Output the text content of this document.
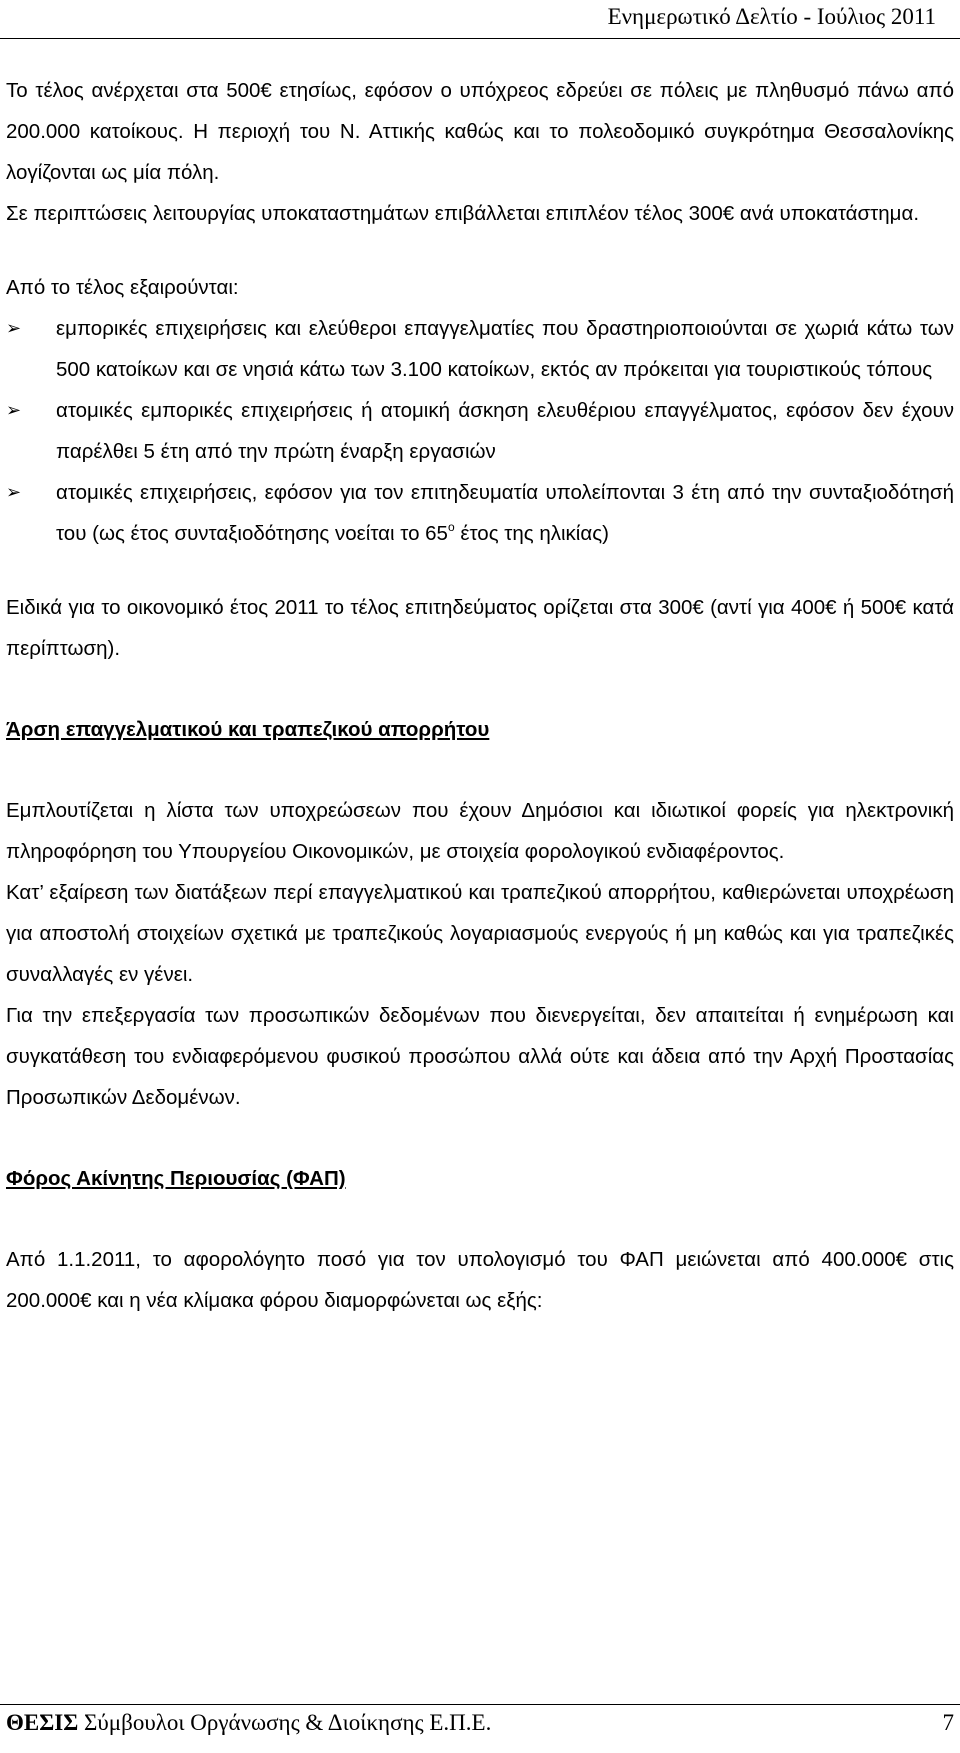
Ενημερωτικό Δελτίο - Ιούλιος 2011

Το τέλος ανέρχεται στα 500€ ετησίως, εφόσον ο υπόχρεος εδρεύει σε πόλεις με πληθυσμό πάνω από 200.000 κατοίκους. Η περιοχή του Ν. Αττικής καθώς και το πολεοδομικό συγκρότημα Θεσσαλονίκης λογίζονται ως μία πόλη.

Σε περιπτώσεις λειτουργίας υποκαταστημάτων επιβάλλεται επιπλέον τέλος 300€ ανά υποκατάστημα.

Από το τέλος εξαιρούνται:

➢ εμπορικές επιχειρήσεις και ελεύθεροι επαγγελματίες που δραστηριοποιούνται σε χωριά κάτω των 500 κατοίκων και σε νησιά κάτω των 3.100 κατοίκων, εκτός αν πρόκειται για τουριστικούς τόπους
➢ ατομικές εμπορικές επιχειρήσεις ή ατομική άσκηση ελευθέριου επαγγέλματος, εφόσον δεν έχουν παρέλθει 5 έτη από την πρώτη έναρξη εργασιών
➢ ατομικές επιχειρήσεις, εφόσον για τον επιτηδευματία υπολείπονται 3 έτη από την συνταξιοδότησή του (ως έτος συνταξιοδότησης νοείται το $65^o$ έτος της ηλικίας)

Ειδικά για το οικονομικό έτος 2011 το τέλος επιτηδεύματος ορίζεται στα 300€ (αντί για 400€ ή 500€ κατά περίπτωση).

Άρση επαγγελματικού και τραπεζικού απορρήτου

Εμπλουτίζεται η λίστα των υποχρεώσεων που έχουν Δημόσιοι και ιδιωτικοί φορείς για ηλεκτρονική πληροφόρηση του Υπουργείου Οικονομικών, με στοιχεία φορολογικού ενδιαφέροντος.

Κατ’ εξαίρεση των διατάξεων περί επαγγελματικού και τραπεζικού απορρήτου, καθιερώνεται υποχρέωση για αποστολή στοιχείων σχετικά με τραπεζικούς λογαριασμούς ενεργούς ή μη καθώς και για τραπεζικές συναλλαγές εν γένει.

Για την επεξεργασία των προσωπικών δεδομένων που διενεργείται, δεν απαιτείται ή ενημέρωση και συγκατάθεση του ενδιαφερόμενου φυσικού προσώπου αλλά ούτε και άδεια από την Αρχή Προστασίας Προσωπικών Δεδομένων.

Φόρος Ακίνητης Περιουσίας (ΦΑΠ)

Από 1.1.2011, το αφορολόγητο ποσό για τον υπολογισμό του ΦΑΠ μειώνεται από 400.000€ στις 200.000€ και η νέα κλίμακα φόρου διαμορφώνεται ως εξής:

ΘΕΣΙΣ Σύμβουλοι Οργάνωσης & Διοίκησης Ε.Π.Ε.	7
